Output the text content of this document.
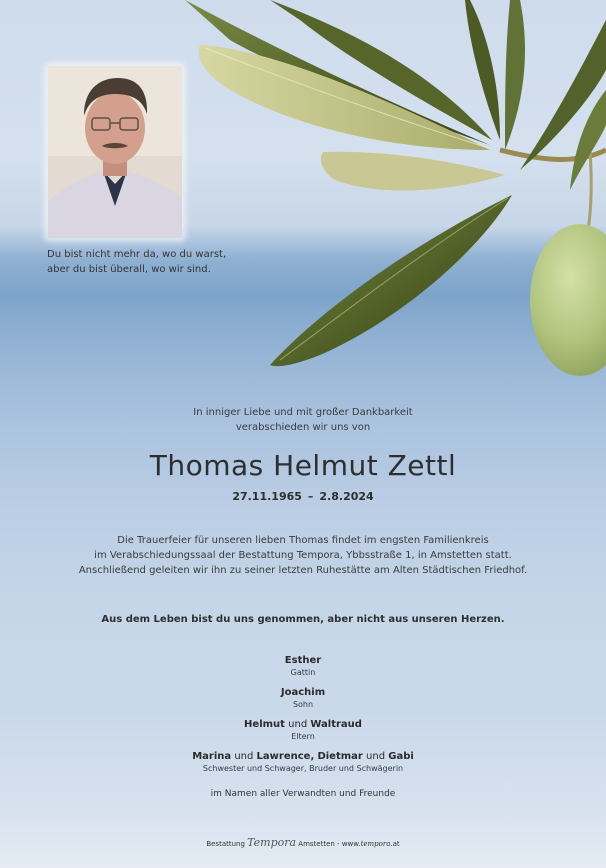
Du bist nicht mehr da, wo du warst,
aber du bist überall, wo wir sind.
In inniger Liebe und mit großer Dankbarkeit
verabschieden wir uns von
Thomas Helmut Zettl
27.11.1965 – 2.8.2024
Die Trauerfeier für unseren lieben Thomas findet im engsten Familienkreis
im Verabschiedungssaal der Bestattung Tempora, Ybbsstraße 1, in Amstetten statt.
Anschließend geleiten wir ihn zu seiner letzten Ruhestätte am Alten Städtischen Friedhof.
Aus dem Leben bist du uns genommen, aber nicht aus unseren Herzen.
Esther
Gattin
Joachim
Sohn
Helmut und Waltraud
Eltern
Marina und Lawrence, Dietmar und Gabi
Schwester und Schwager, Bruder und Schwägerin
im Namen aller Verwandten und Freunde
Bestattung Tempora Amstetten - www.tempora.at
